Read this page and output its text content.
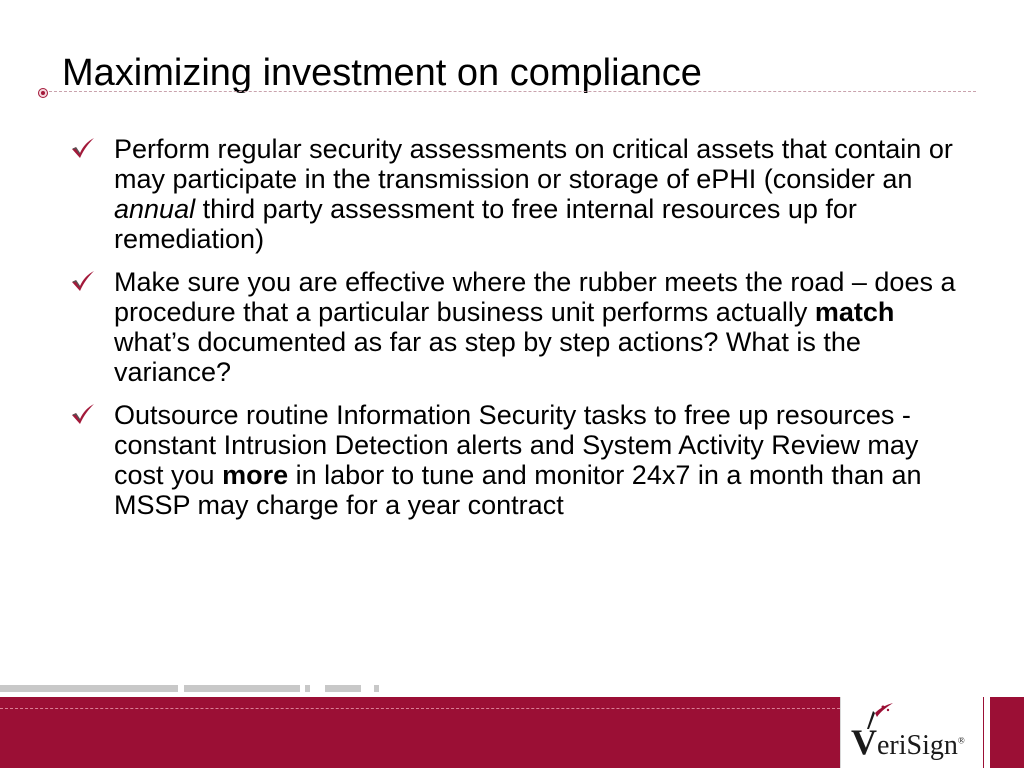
Maximizing investment on compliance
Perform regular security assessments on critical assets that contain or may participate in the transmission or storage of ePHI (consider an annual third party assessment to free internal resources up for remediation)
Make sure you are effective where the rubber meets the road – does a procedure that a particular business unit performs actually match what’s documented as far as step by step actions? What is the variance?
Outsource routine Information Security tasks to free up resources - constant Intrusion Detection alerts and System Activity Review may cost you more in labor to tune and monitor 24x7 in a month than an MSSP may charge for a year contract
VeriSign®
